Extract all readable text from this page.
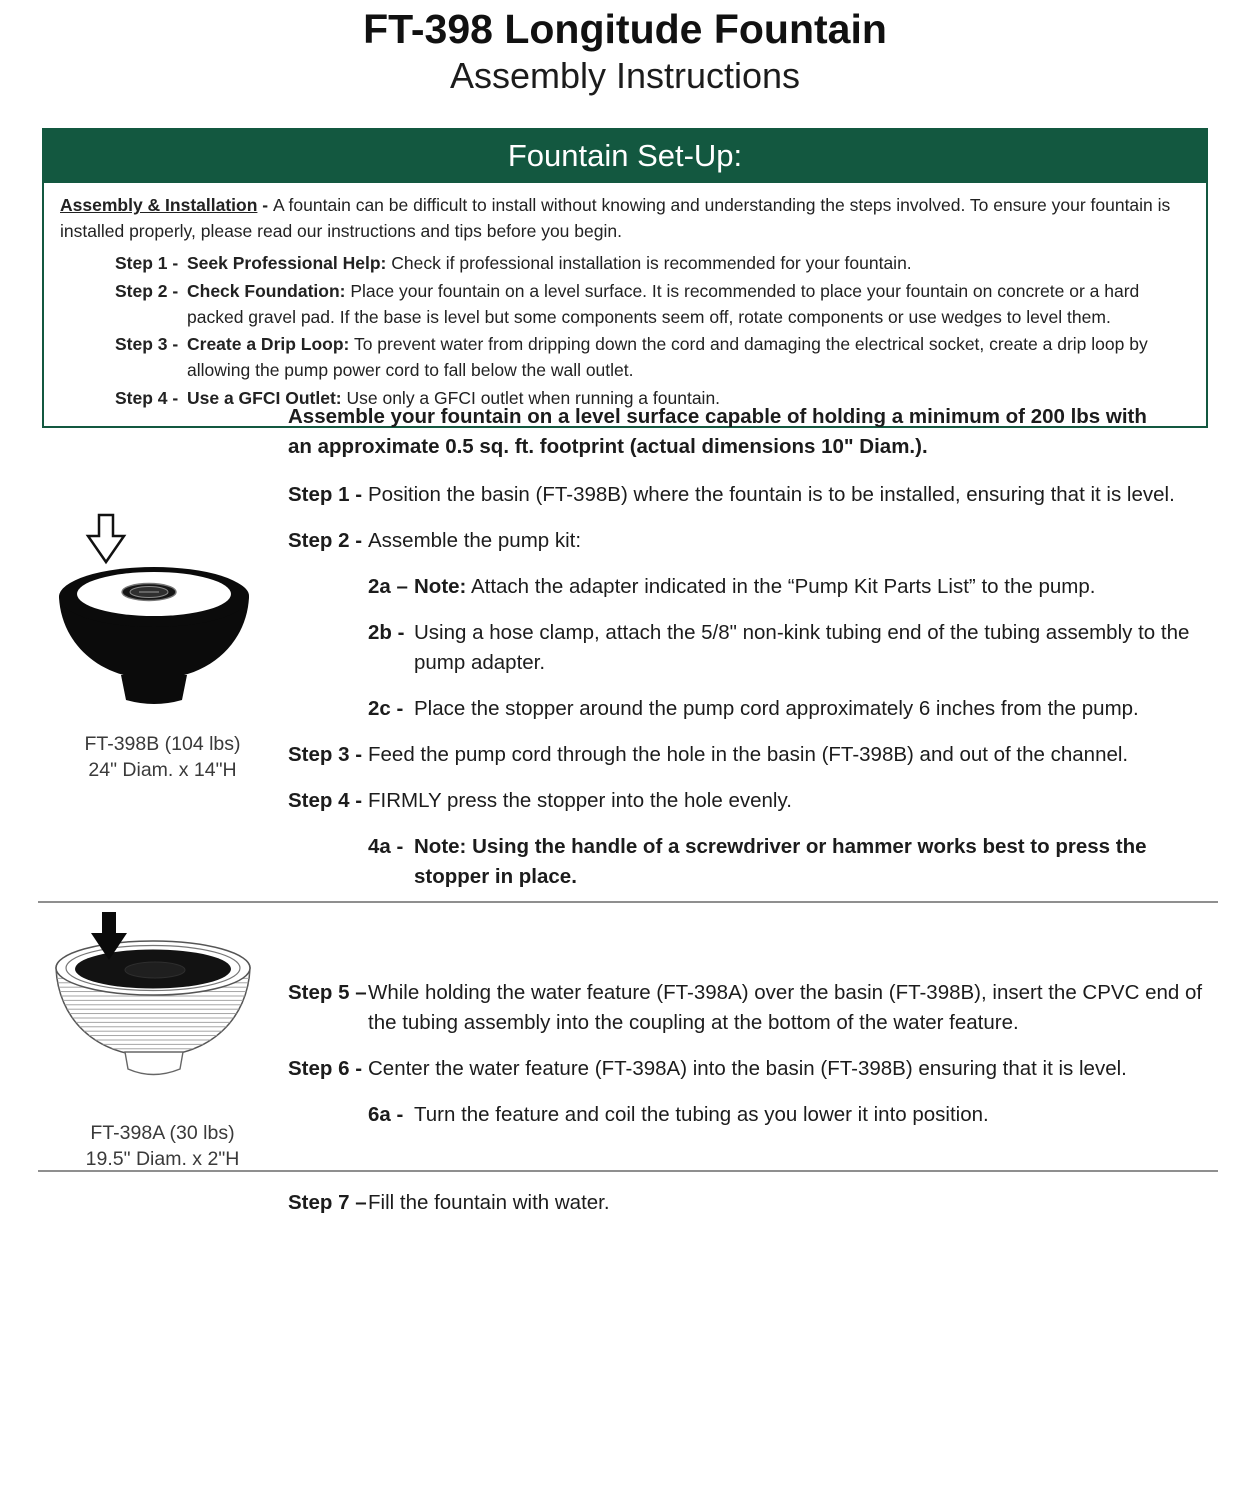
FT-398 Longitude Fountain
Assembly Instructions
Fountain Set-Up:

Assembly & Installation - A fountain can be difficult to install without knowing and understanding the steps involved. To ensure your fountain is installed properly, please read our instructions and tips before you begin.

Step 1 - Seek Professional Help: Check if professional installation is recommended for your fountain.
Step 2 - Check Foundation: Place your fountain on a level surface. It is recommended to place your fountain on concrete or a hard packed gravel pad. If the base is level but some components seem off, rotate components or use wedges to level them.
Step 3 - Create a Drip Loop: To prevent water from dripping down the cord and damaging the electrical socket, create a drip loop by allowing the pump power cord to fall below the wall outlet.
Step 4 - Use a GFCI Outlet: Use only a GFCI outlet when running a fountain.
FT-398B (104 lbs)
24" Diam. x 14"H
FT-398A (30 lbs)
19.5" Diam. x 2"H

Assemble your fountain on a level surface capable of holding a minimum of 200 lbs with an approximate 0.5 sq. ft. footprint (actual dimensions 10" Diam.).

Step 1 - Position the basin (FT-398B) where the fountain is to be installed, ensuring that it is level.
Step 2 - Assemble the pump kit:
2a – Note: Attach the adapter indicated in the “Pump Kit Parts List” to the pump.
2b - Using a hose clamp, attach the 5/8" non-kink tubing end of the tubing assembly to the pump adapter.
2c - Place the stopper around the pump cord approximately 6 inches from the pump.
Step 3 - Feed the pump cord through the hole in the basin (FT-398B) and out of the channel.
Step 4 - FIRMLY press the stopper into the hole evenly.
4a - Note: Using the handle of a screwdriver or hammer works best to press the stopper in place.
Step 5 – While holding the water feature (FT-398A) over the basin (FT-398B), insert the CPVC end of the tubing assembly into the coupling at the bottom of the water feature.
Step 6 - Center the water feature (FT-398A) into the basin (FT-398B) ensuring that it is level.
6a - Turn the feature and coil the tubing as you lower it into position.
Step 7 – Fill the fountain with water.
